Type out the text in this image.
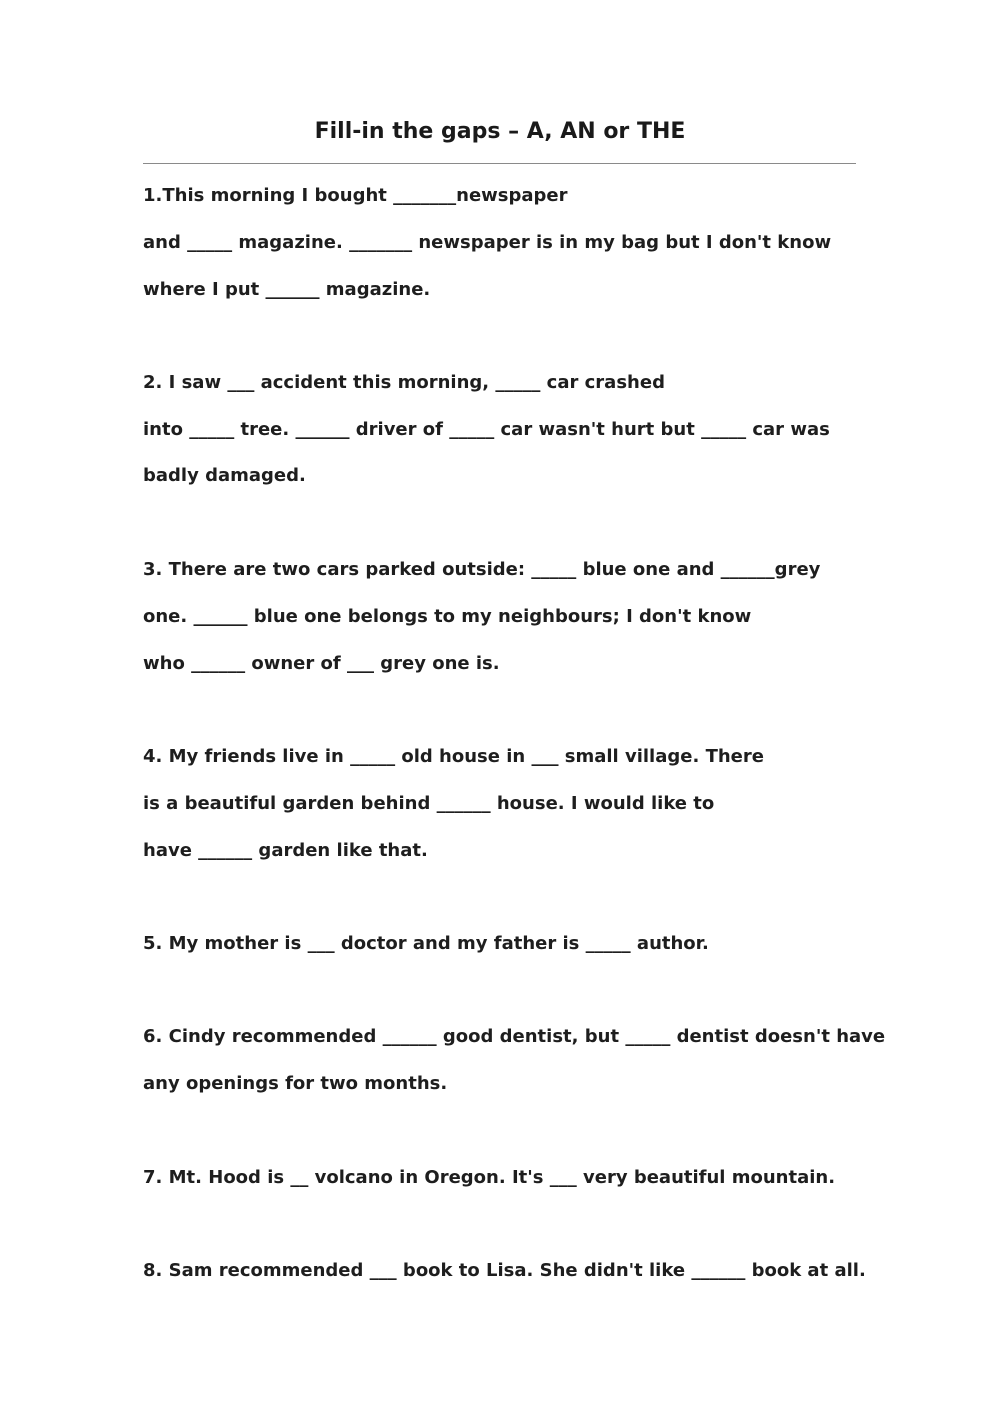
Fill-in the gaps – A, AN or THE
1.This morning I bought _______newspaper
and _____ magazine. _______ newspaper is in my bag but I don't know
where I put ______ magazine.
2. I saw ___ accident this morning, _____ car crashed
into _____ tree. ______ driver of _____ car wasn't hurt but _____ car was
badly damaged.
3. There are two cars parked outside: _____ blue one and ______grey
one. ______ blue one belongs to my neighbours; I don't know
who ______ owner of ___ grey one is.
4. My friends live in _____ old house in ___ small village. There
is a beautiful garden behind ______ house. I would like to
have ______ garden like that.
5. My mother is ___ doctor and my father is _____ author.
6. Cindy recommended ______ good dentist, but _____ dentist doesn't have
any openings for two months.
7. Mt. Hood is __ volcano in Oregon. It's ___ very beautiful mountain.
8. Sam recommended ___ book to Lisa. She didn't like ______ book at all.
